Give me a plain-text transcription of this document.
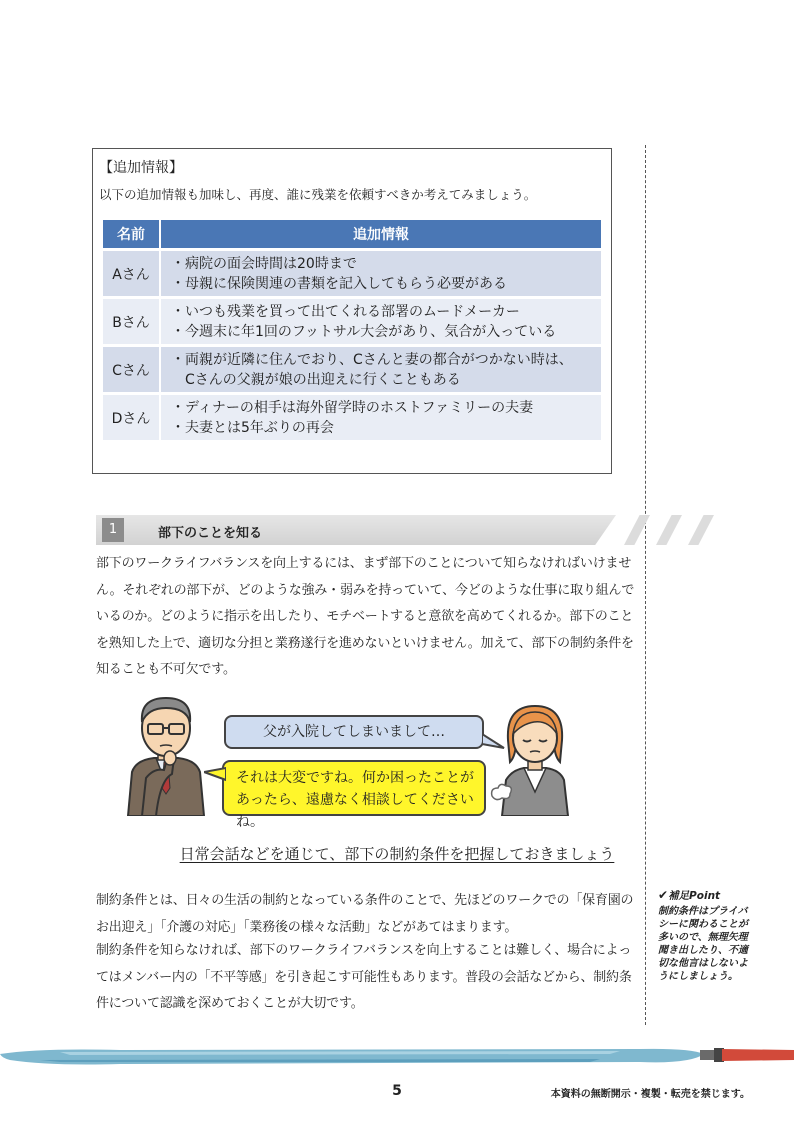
【追加情報】
以下の追加情報も加味し、再度、誰に残業を依頼すべきか考えてみましょう。
名前	追加情報
Aさん	・病院の面会時間は20時まで
・母親に保険関連の書類を記入してもらう必要がある

Bさん	・いつも残業を買って出てくれる部署のムードメーカー
・今週末に年1回のフットサル大会があり、気合が入っている

Cさん	・両親が近隣に住んでおり、Cさんと妻の都合がつかない時は、
　Cさんの父親が娘の出迎えに行くこともある

Dさん	・ディナーの相手は海外留学時のホストファミリーの夫妻
・夫妻とは5年ぶりの再会
1	部下のことを知る

部下のワークライフバランスを向上するには、まず部下のことについて知らなければいけません。それぞれの部下が、どのような強み・弱みを持っていて、今どのような仕事に取り組んでいるのか。どのように指示を出したり、モチベートすると意欲を高めてくれるか。部下のことを熟知した上で、適切な分担と業務遂行を進めないといけません。加えて、部下の制約条件を知ることも不可欠です。

父が入院してしまいまして…
それは大変ですね。何か困ったことが
あったら、遠慮なく相談してくださいね。
日常会話などを通じて、部下の制約条件を把握しておきましょう

制約条件とは、日々の生活の制約となっている条件のことで、先ほどのワークでの「保育園のお出迎え」「介護の対応」「業務後の様々な活動」などがあてはまります。

制約条件を知らなければ、部下のワークライフバランスを向上することは難しく、場合によってはメンバー内の「不平等感」を引き起こす可能性もあります。普段の会話などから、制約条件について認識を深めておくことが大切です。

✔補足Point
制約条件はプライバシーに関わることが多いので、無理矢理聞き出したり、不適切な他言はしないようにしましょう。
5	本資料の無断開示・複製・転売を禁じます。
